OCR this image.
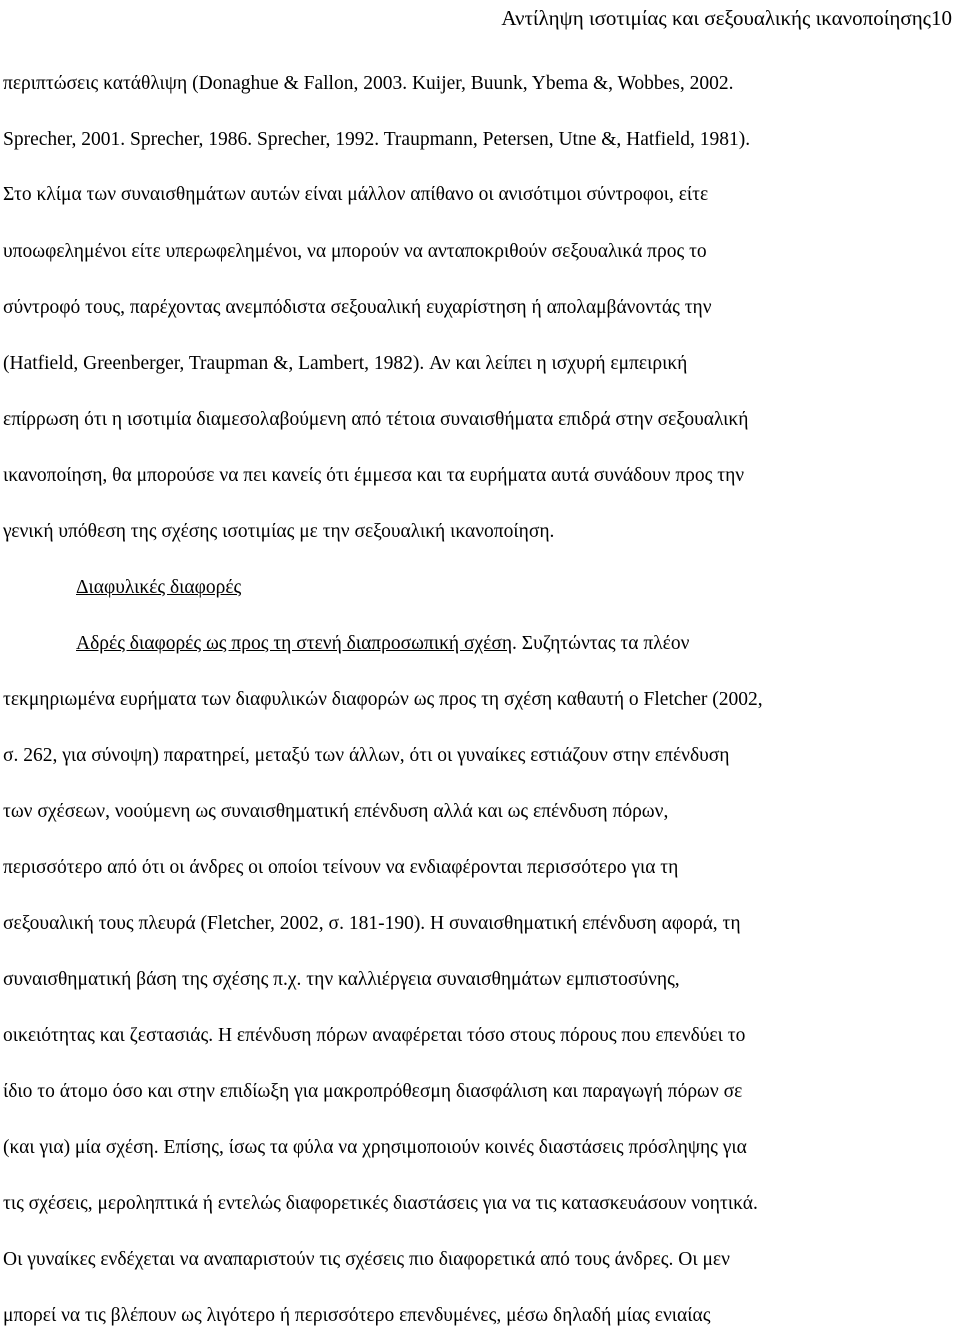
Αντίληψη ισοτιμίας και σεξουαλικής ικανοποίησης10
περιπτώσεις κατάθλιψη (Donaghue & Fallon, 2003. Kuijer, Buunk, Ybema &, Wobbes, 2002.
Sprecher, 2001. Sprecher, 1986. Sprecher, 1992. Traupmann, Petersen, Utne &, Hatfield, 1981).
Στο κλίμα των συναισθημάτων αυτών είναι μάλλον απίθανο οι ανισότιμοι σύντροφοι, είτε
υποωφελημένοι είτε υπερωφελημένοι, να μπορούν να ανταποκριθούν σεξουαλικά προς το
σύντροφό τους, παρέχοντας ανεμπόδιστα σεξουαλική ευχαρίστηση ή απολαμβάνοντάς την
(Hatfield, Greenberger, Traupman &, Lambert, 1982). Αν και λείπει η ισχυρή εμπειρική
επίρρωση ότι η ισοτιμία διαμεσολαβούμενη από τέτοια συναισθήματα επιδρά στην σεξουαλική
ικανοποίηση, θα μπορούσε να πει κανείς ότι έμμεσα και τα ευρήματα αυτά συνάδουν προς την
γενική υπόθεση της σχέσης ισοτιμίας με την σεξουαλική ικανοποίηση.
Διαφυλικές διαφορές
Αδρές διαφορές ως προς τη στενή διαπροσωπική σχέση. Συζητώντας τα πλέον
τεκμηριωμένα ευρήματα των διαφυλικών διαφορών ως προς τη σχέση καθαυτή ο Fletcher (2002,
σ. 262, για σύνοψη) παρατηρεί, μεταξύ των άλλων, ότι οι γυναίκες εστιάζουν στην επένδυση
των σχέσεων, νοούμενη ως συναισθηματική επένδυση αλλά και ως επένδυση πόρων,
περισσότερο από ότι οι άνδρες οι οποίοι τείνουν να ενδιαφέρονται περισσότερο για τη
σεξουαλική τους πλευρά (Fletcher, 2002, σ. 181-190). Η συναισθηματική επένδυση αφορά, τη
συναισθηματική βάση της σχέσης π.χ. την καλλιέργεια συναισθημάτων εμπιστοσύνης,
οικειότητας και ζεστασιάς. Η επένδυση πόρων αναφέρεται τόσο στους πόρους που επενδύει το
ίδιο το άτομο όσο και στην επιδίωξη για μακροπρόθεσμη διασφάλιση και παραγωγή πόρων σε
(και για) μία σχέση. Επίσης, ίσως τα φύλα να χρησιμοποιούν κοινές διαστάσεις πρόσληψης για
τις σχέσεις, μεροληπτικά ή εντελώς διαφορετικές διαστάσεις για να τις κατασκευάσουν νοητικά.
Οι γυναίκες ενδέχεται να αναπαριστούν τις σχέσεις πιο διαφορετικά από τους άνδρες. Οι μεν
μπορεί να τις βλέπουν ως λιγότερο ή περισσότερο επενδυμένες, μέσω δηλαδή μίας ενιαίας
